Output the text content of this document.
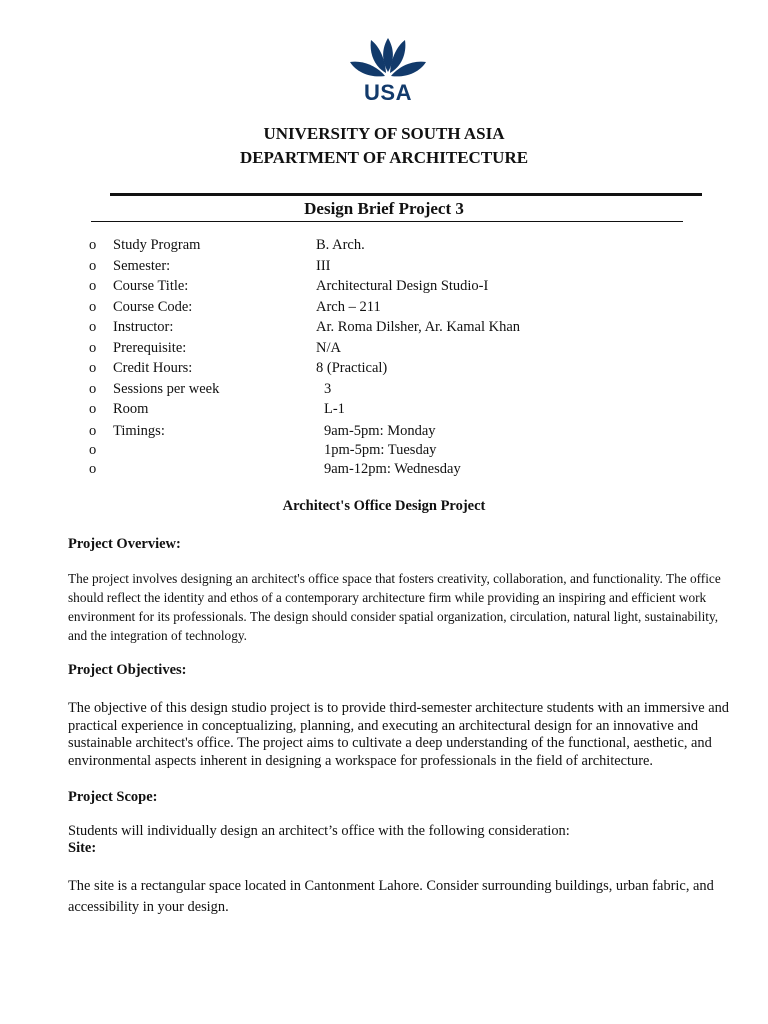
USA
UNIVERSITY OF SOUTH ASIA
DEPARTMENT OF ARCHITECTURE
Design Brief Project 3
o Study Program	B. Arch.
o Semester:	III
o Course Title:	Architectural Design Studio-I
o Course Code:	Arch – 211
o Instructor:	Ar. Roma Dilsher, Ar. Kamal Khan
o Prerequisite:	N/A
o Credit Hours:	8 (Practical)
o Sessions per week	3
o Room	L-1
o Timings:	9am-5pm: Monday
o	1pm-5pm: Tuesday
o	9am-12pm: Wednesday
Architect's Office Design Project
Project Overview:
The project involves designing an architect's office space that fosters creativity, collaboration, and functionality. The office should reflect the identity and ethos of a contemporary architecture firm while providing an inspiring and efficient work environment for its professionals. The design should consider spatial organization, circulation, natural light, sustainability, and the integration of technology.
Project Objectives:
The objective of this design studio project is to provide third-semester architecture students with an immersive and practical experience in conceptualizing, planning, and executing an architectural design for an innovative and sustainable architect's office. The project aims to cultivate a deep understanding of the functional, aesthetic, and environmental aspects inherent in designing a workspace for professionals in the field of architecture.
Project Scope:
Students will individually design an architect’s office with the following consideration:
Site:
The site is a rectangular space located in Cantonment Lahore. Consider surrounding buildings, urban fabric, and accessibility in your design.
